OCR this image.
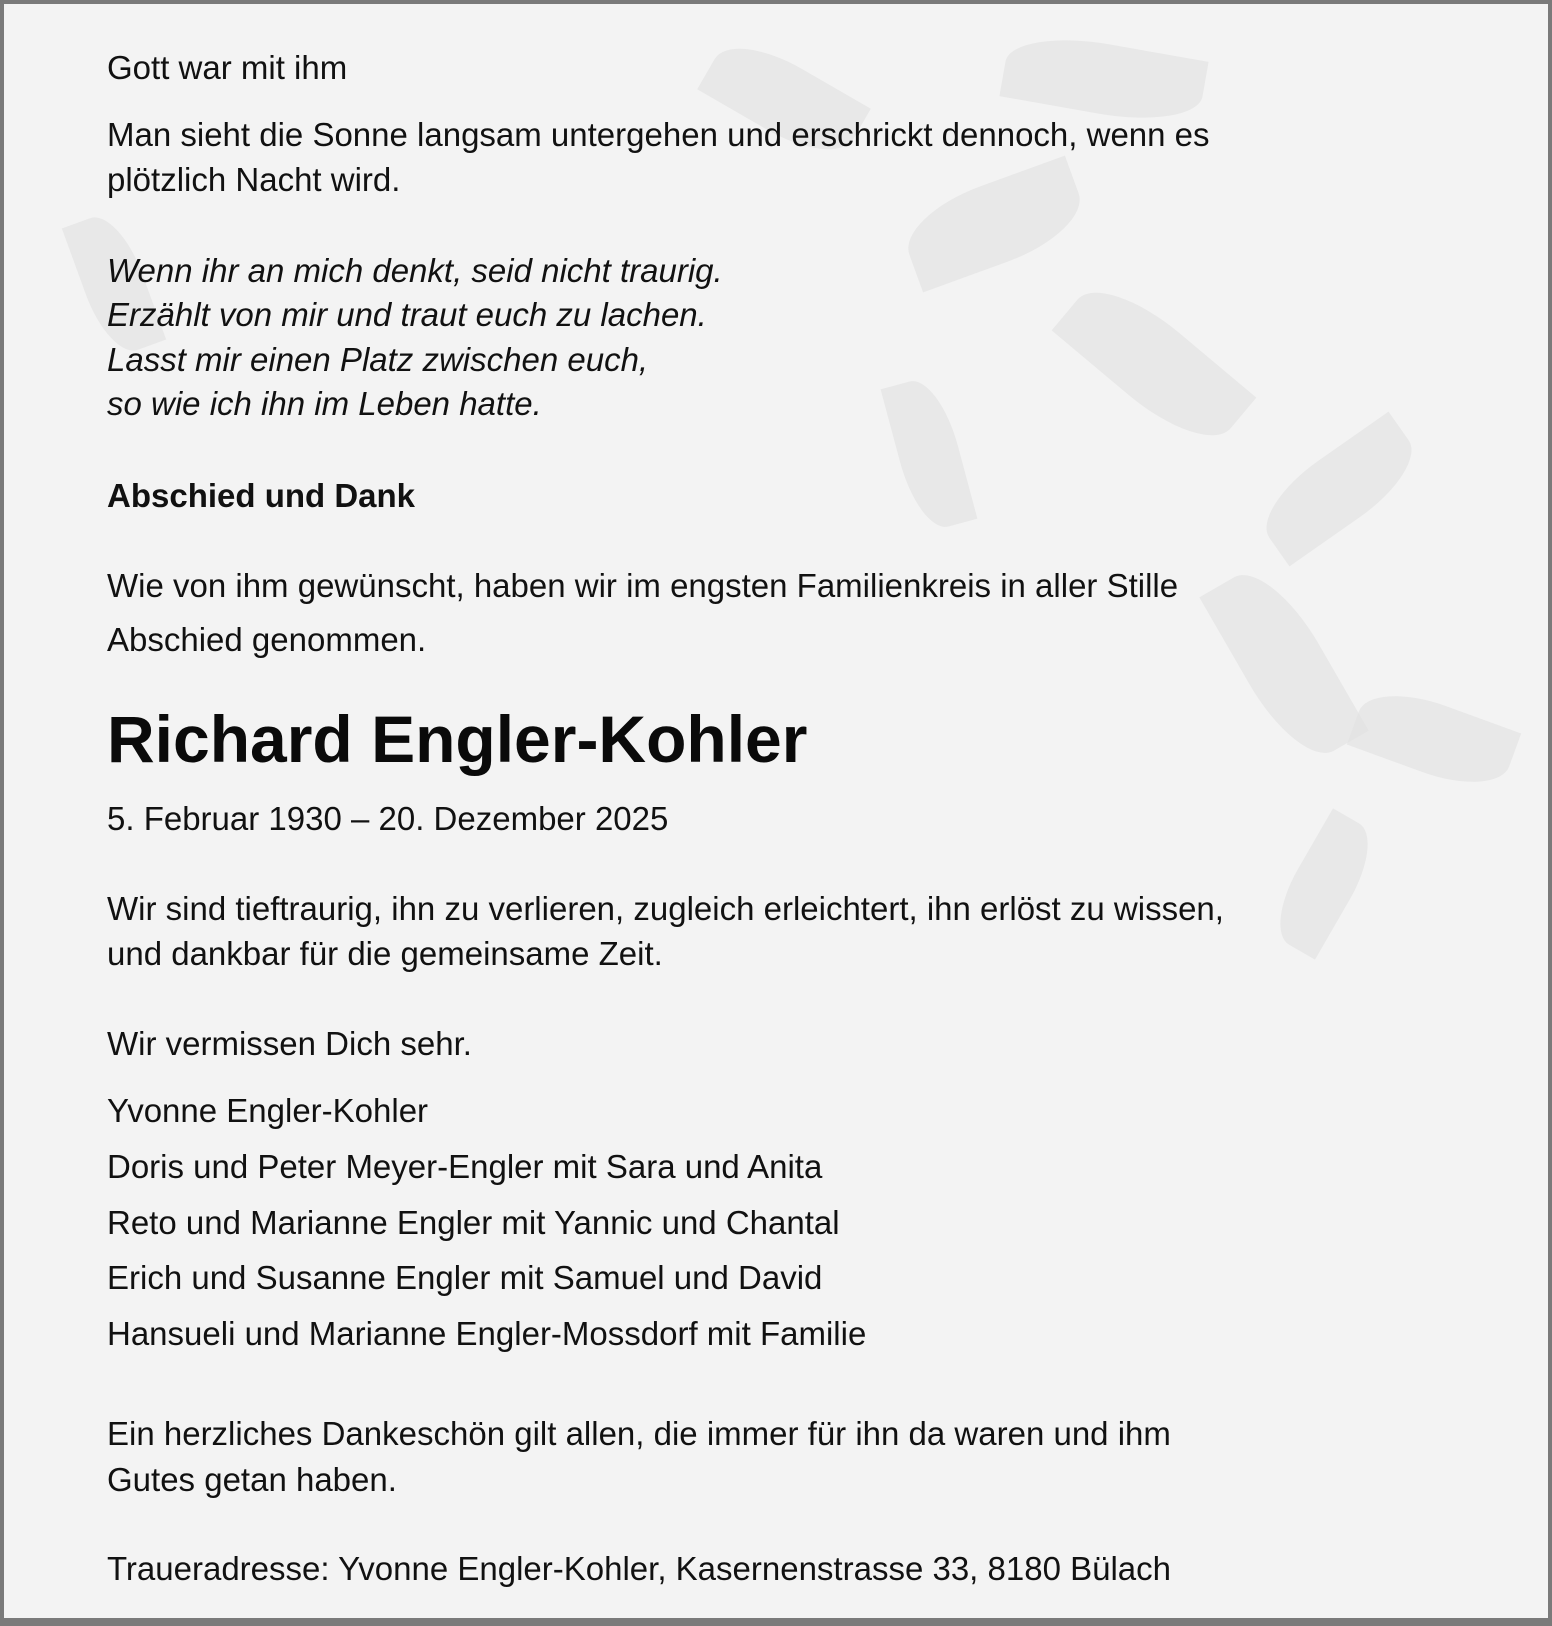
Gott war mit ihm
Man sieht die Sonne langsam untergehen und erschrickt dennoch, wenn es
plötzlich Nacht wird.
Wenn ihr an mich denkt, seid nicht traurig.
Erzählt von mir und traut euch zu lachen.
Lasst mir einen Platz zwischen euch,
so wie ich ihn im Leben hatte.
Abschied und Dank
Wie von ihm gewünscht, haben wir im engsten Familienkreis in aller Stille
Abschied genommen.
Richard Engler-Kohler
5. Februar 1930 – 20. Dezember 2025
Wir sind tieftraurig, ihn zu verlieren, zugleich erleichtert, ihn erlöst zu wissen,
und dankbar für die gemeinsame Zeit.
Wir vermissen Dich sehr.
Yvonne Engler-Kohler
Doris und Peter Meyer-Engler mit Sara und Anita
Reto und Marianne Engler mit Yannic und Chantal
Erich und Susanne Engler mit Samuel und David
Hansueli und Marianne Engler-Mossdorf mit Familie
Ein herzliches Dankeschön gilt allen, die immer für ihn da waren und ihm
Gutes getan haben.
Traueradresse: Yvonne Engler-Kohler, Kasernenstrasse 33, 8180 Bülach
